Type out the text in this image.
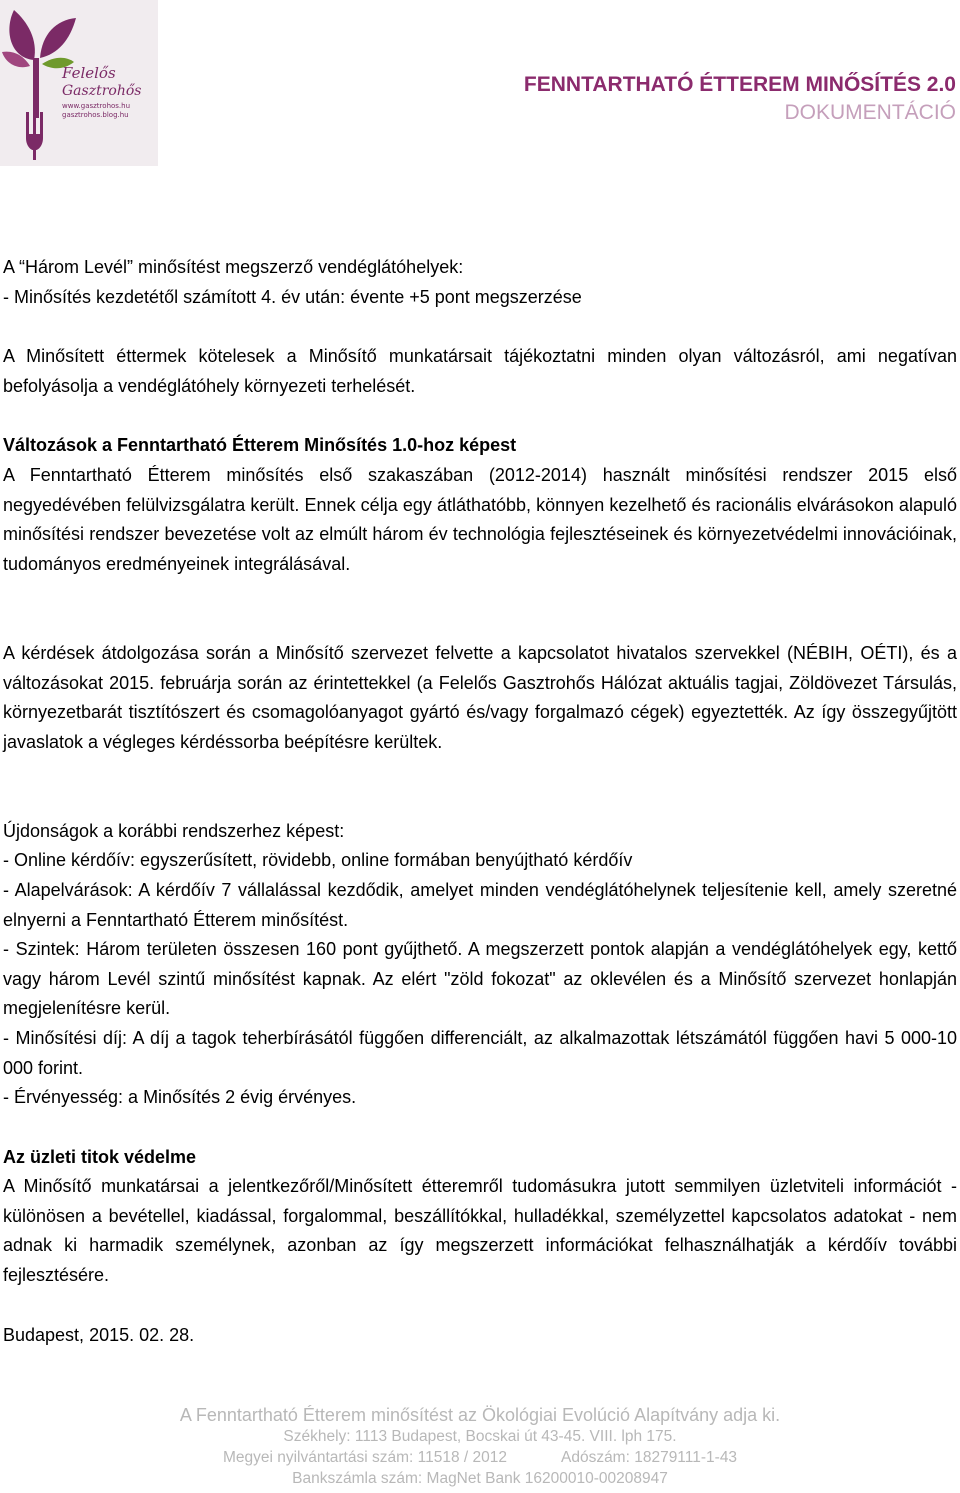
Felelős
Gasztrohős
www.gasztrohos.hu
gasztrohos.blog.hu
FENNTARTHATÓ ÉTTEREM MINŐSÍTÉS 2.0
DOKUMENTÁCIÓ
A “Három Levél” minősítést megszerző vendéglátóhelyek:
- Minősítés kezdetétől számított 4. év után: évente +5 pont megszerzése
A Minősített éttermek kötelesek a Minősítő munkatársait tájékoztatni minden olyan változásról, ami negatívan befolyásolja a vendéglátóhely környezeti terhelését.
Változások a Fenntartható Étterem Minősítés 1.0-hoz képest
A Fenntartható Étterem minősítés első szakaszában (2012-2014) használt minősítési rendszer 2015 első negyedévében felülvizsgálatra került. Ennek célja egy átláthatóbb, könnyen kezelhető és racionális elvárásokon alapuló minősítési rendszer bevezetése volt az elmúlt három év technológia fejlesztéseinek és környezetvédelmi innovációinak, tudományos eredményeinek integrálásával.
A kérdések átdolgozása során a Minősítő szervezet felvette a kapcsolatot hivatalos szervekkel (NÉBIH, OÉTI), és a változásokat 2015. februárja során az érintettekkel (a Felelős Gasztrohős Hálózat aktuális tagjai, Zöldövezet Társulás, környezetbarát tisztítószert és csomagolóanyagot gyártó és/vagy forgalmazó cégek) egyeztették. Az így összegyűjtött javaslatok a végleges kérdéssorba beépítésre kerültek.
Újdonságok a korábbi rendszerhez képest:
- Online kérdőív: egyszerűsített, rövidebb, online formában benyújtható kérdőív
- Alapelvárások: A kérdőív 7 vállalással kezdődik, amelyet minden vendéglátóhelynek teljesítenie kell, amely szeretné elnyerni a Fenntartható Étterem minősítést.
- Szintek: Három területen összesen 160 pont gyűjthető. A megszerzett pontok alapján a vendéglátóhelyek egy, kettő vagy három Levél szintű minősítést kapnak. Az elért "zöld fokozat" az oklevélen és a Minősítő szervezet honlapján megjelenítésre kerül.
- Minősítési díj: A díj a tagok teherbírásától függően differenciált, az alkalmazottak létszámától függően havi 5 000-10 000 forint.
- Érvényesség: a Minősítés 2 évig érvényes.
Az üzleti titok védelme
A Minősítő munkatársai a jelentkezőről/Minősített étteremről tudomásukra jutott semmilyen üzletviteli információt - különösen a bevétellel, kiadással, forgalommal, beszállítókkal, hulladékkal, személyzettel kapcsolatos adatokat - nem adnak ki harmadik személynek, azonban az így megszerzett információkat felhasználhatják a kérdőív további fejlesztésére.
Budapest, 2015. 02. 28.
A Fenntartható Étterem minősítést az Ökológiai Evolúció Alapítvány adja ki.
Székhely: 1113 Budapest, Bocskai út 43-45. VIII. lph 175.
Megyei nyilvántartási szám: 11518 / 2012	Adószám: 18279111-1-43
Bankszámla szám: MagNet Bank 16200010-00208947
